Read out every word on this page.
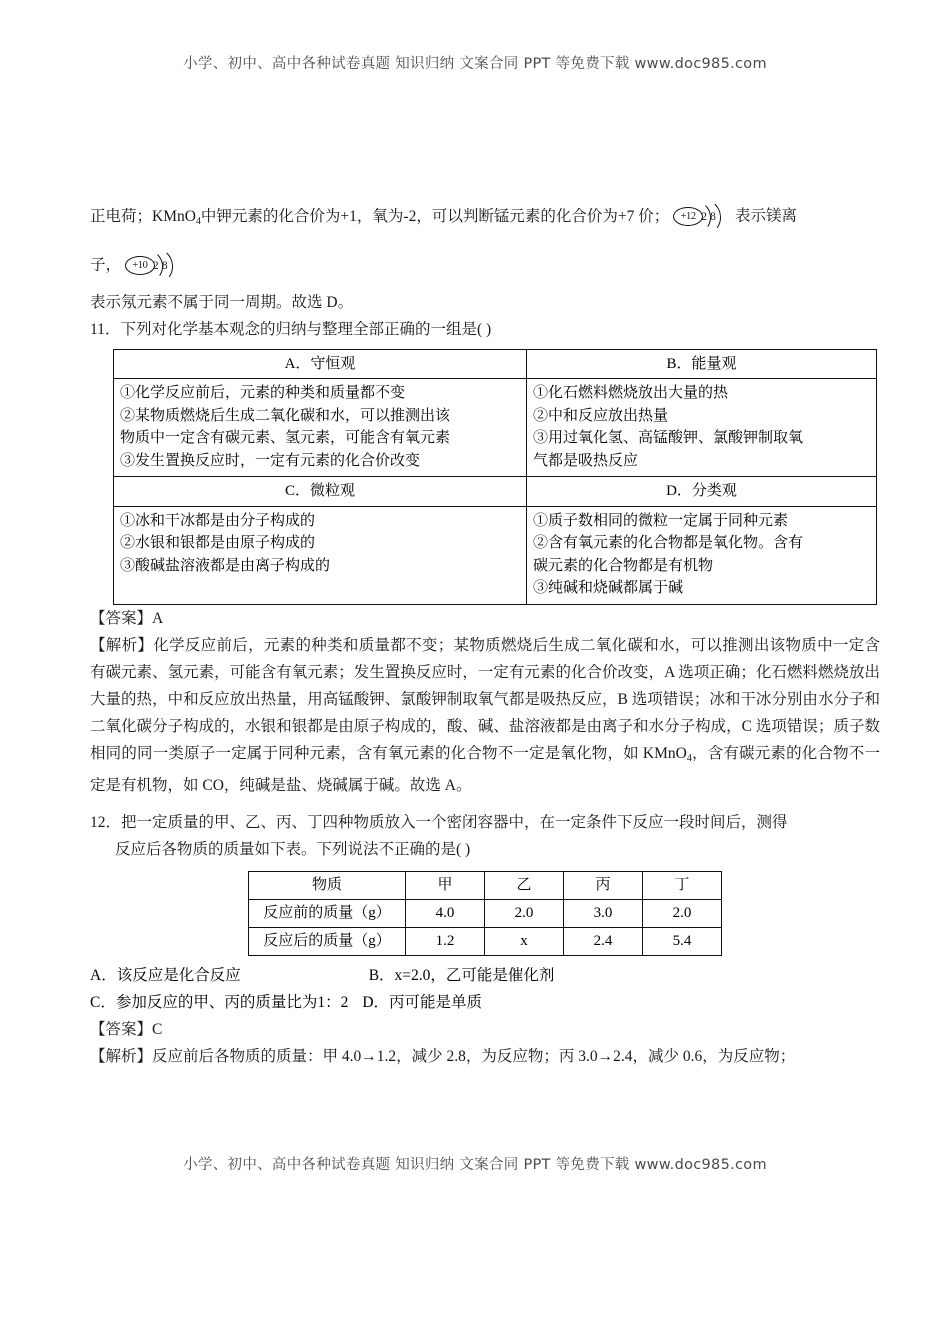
小学、初中、高中各种试卷真题 知识归纳 文案合同 PPT 等免费下载 www.doc985.com
正电荷；KMnO$_4$中钾元素的化合价为+1，氧为-2，可以判断锰元素的化合价为+7 价；	+12 2 8 表示镁离
子，	+10 2 8
表示氖元素不属于同一周期。故选 D。
11．下列对化学基本观念的归纳与整理全部正确的一组是( )
A．守恒观	B．能量观

①化学反应前后，元素的种类和质量都不变
②某物质燃烧后生成二氧化碳和水，可以推测出该
物质中一定含有碳元素、氢元素，可能含有氧元素
③发生置换反应时，一定有元素的化合价改变

①化石燃料燃烧放出大量的热
②中和反应放出热量
③用过氧化氢、高锰酸钾、氯酸钾制取氧
气都是吸热反应

C．微粒观	D．分类观

①冰和干冰都是由分子构成的
②水银和银都是由原子构成的
③酸碱盐溶液都是由离子构成的

①质子数相同的微粒一定属于同种元素
②含有氧元素的化合物都是氧化物。含有
碳元素的化合物都是有机物
③纯碱和烧碱都属于碱
【答案】A
【解析】化学反应前后，元素的种类和质量都不变；某物质燃烧后生成二氧化碳和水，可以推测出该物质中一定含有碳元素、氢元素，可能含有氧元素；发生置换反应时，一定有元素的化合价改变，A 选项正确；化石燃料燃烧放出大量的热，中和反应放出热量，用高锰酸钾、氯酸钾制取氧气都是吸热反应，B 选项错误；冰和干冰分别由水分子和二氧化碳分子构成的，水银和银都是由原子构成的，酸、碱、盐溶液都是由离子和水分子构成，C 选项错误；质子数相同的同一类原子一定属于同种元素，含有氧元素的化合物不一定是氧化物，如 KMnO$_4$，含有碳元素的化合物不一定是有机物，如 CO，纯碱是盐、烧碱属于碱。故选 A。
12．把一定质量的甲、乙、丙、丁四种物质放入一个密闭容器中，在一定条件下反应一段时间后，测得
反应后各物质的质量如下表。下列说法不正确的是( )
物质	甲	乙	丙	丁
反应前的质量（g）	4.0	2.0	3.0	2.0
反应后的质量（g）	1.2	x	2.4	5.4
A．该反应是化合反应	B．x=2.0，乙可能是催化剂
C．参加反应的甲、丙的质量比为1：2 D．丙可能是单质
【答案】C
【解析】反应前后各物质的质量：甲 4.0→1.2，减少 2.8，为反应物；丙 3.0→2.4，减少 0.6，为反应物；
小学、初中、高中各种试卷真题 知识归纳 文案合同 PPT 等免费下载 www.doc985.com
